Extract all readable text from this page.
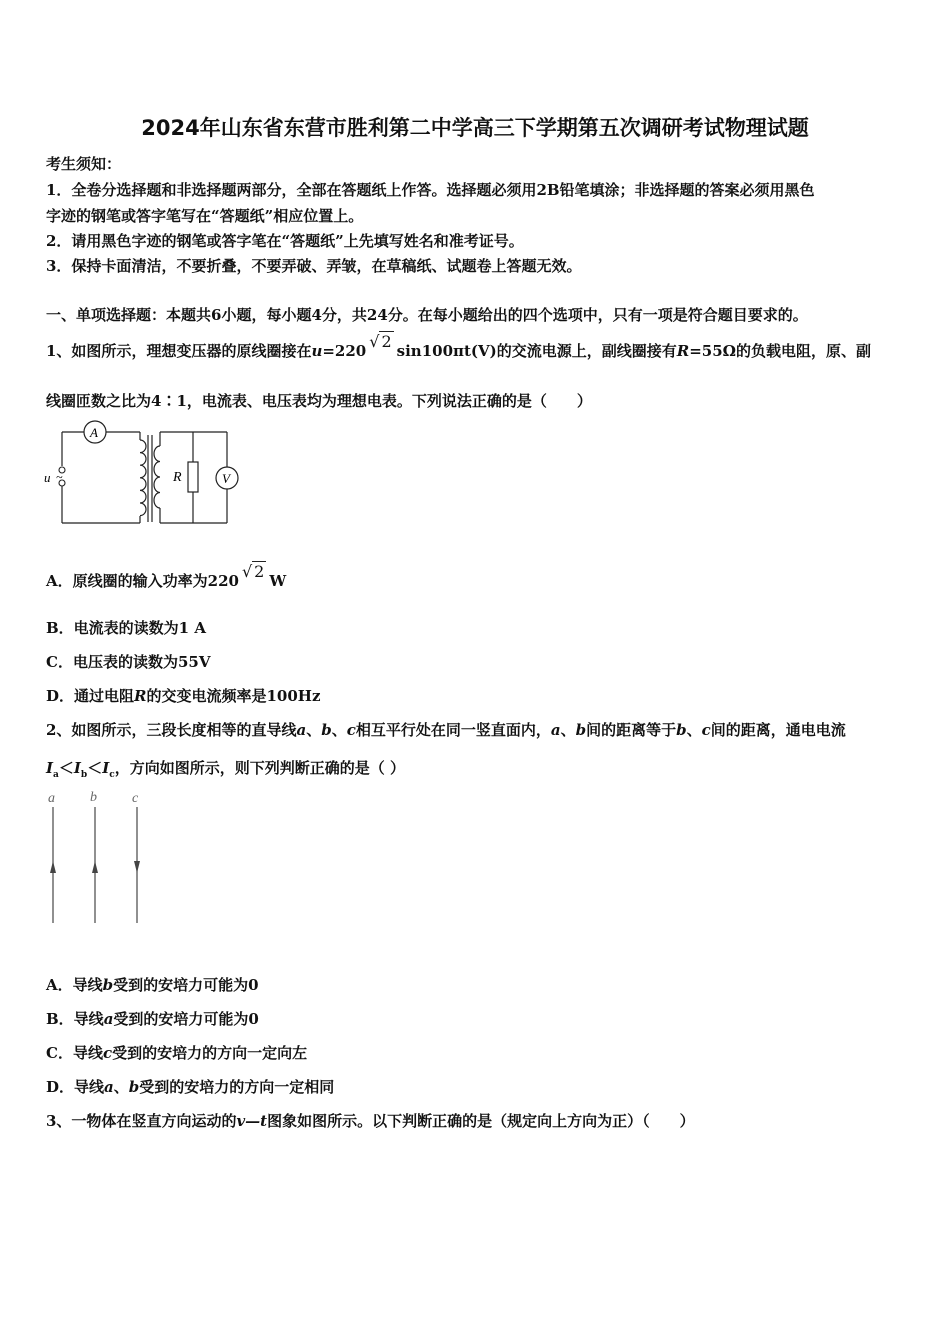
2024年山东省东营市胜利第二中学高三下学期第五次调研考试物理试题
考生须知：
1．全卷分选择题和非选择题两部分，全部在答题纸上作答。选择题必须用2B铅笔填涂；非选择题的答案必须用黑色
字迹的钢笔或答字笔写在“答题纸”相应位置上。
2．请用黑色字迹的钢笔或答字笔在“答题纸”上先填写姓名和准考证号。
3．保持卡面清洁，不要折叠，不要弄破、弄皱，在草稿纸、试题卷上答题无效。
一、单项选择题：本题共6小题，每小题4分，共24分。在每小题给出的四个选项中，只有一项是符合题目要求的。
1、如图所示，理想变压器的原线圈接在u=220 √ 2 sin100πt(V)的交流电源上，副线圈接有R=55Ω的负载电阻，原、副
线圈匝数之比为4∶1，电流表、电压表均为理想电表。下列说法正确的是（　　）
A
V
R
u ~
A．原线圈的输入功率为220 √ 2 W
B．电流表的读数为1 A
C．电压表的读数为55V
D．通过电阻R的交变电流频率是100Hz
2、如图所示，三段长度相等的直导线a、b、c相互平行处在同一竖直面内，a、b间的距离等于b、c间的距离，通电电流
$I_a<I_b<I_c$，方向如图所示，则下列判断正确的是（ ）
a	b	c
A．导线b受到的安培力可能为0
B．导线a受到的安培力可能为0
C．导线c受到的安培力的方向一定向左
D．导线a、b受到的安培力的方向一定相同
3、一物体在竖直方向运动的v—t图象如图所示。以下判断正确的是（规定向上方向为正）（　　）
